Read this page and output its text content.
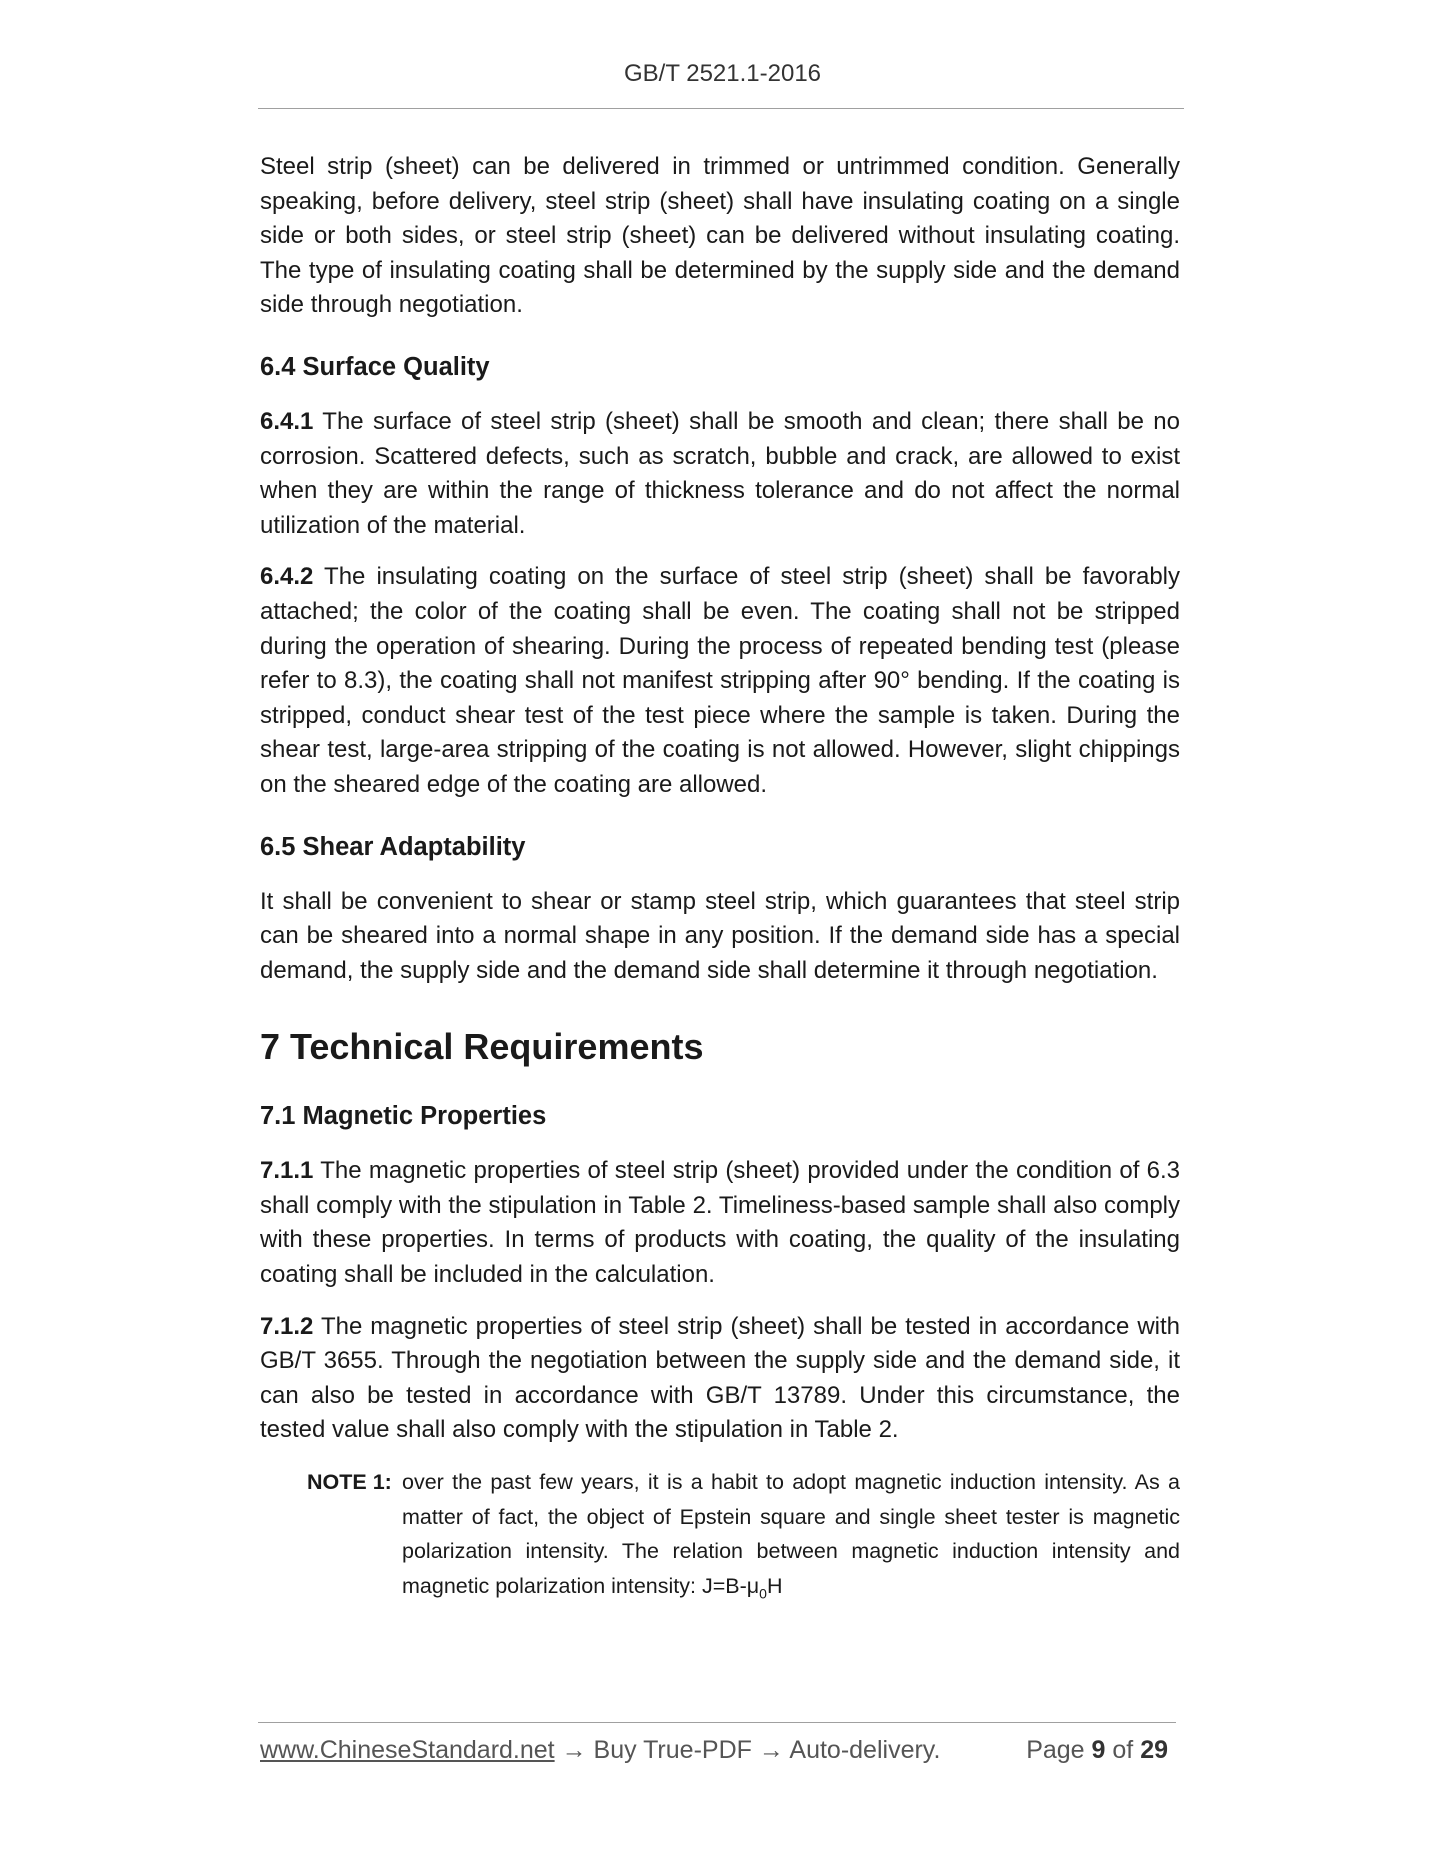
GB/T 2521.1-2016

Steel strip (sheet) can be delivered in trimmed or untrimmed condition. Generally speaking, before delivery, steel strip (sheet) shall have insulating coating on a single side or both sides, or steel strip (sheet) can be delivered without insulating coating. The type of insulating coating shall be determined by the supply side and the demand side through negotiation.

6.4 Surface Quality

6.4.1 The surface of steel strip (sheet) shall be smooth and clean; there shall be no corrosion. Scattered defects, such as scratch, bubble and crack, are allowed to exist when they are within the range of thickness tolerance and do not affect the normal utilization of the material.

6.4.2 The insulating coating on the surface of steel strip (sheet) shall be favorably attached; the color of the coating shall be even. The coating shall not be stripped during the operation of shearing. During the process of repeated bending test (please refer to 8.3), the coating shall not manifest stripping after 90° bending. If the coating is stripped, conduct shear test of the test piece where the sample is taken. During the shear test, large-area stripping of the coating is not allowed. However, slight chippings on the sheared edge of the coating are allowed.

6.5 Shear Adaptability

It shall be convenient to shear or stamp steel strip, which guarantees that steel strip can be sheared into a normal shape in any position. If the demand side has a special demand, the supply side and the demand side shall determine it through negotiation.

7 Technical Requirements
7.1 Magnetic Properties

7.1.1 The magnetic properties of steel strip (sheet) provided under the condition of 6.3 shall comply with the stipulation in Table 2. Timeliness-based sample shall also comply with these properties. In terms of products with coating, the quality of the insulating coating shall be included in the calculation.

7.1.2 The magnetic properties of steel strip (sheet) shall be tested in accordance with GB/T 3655. Through the negotiation between the supply side and the demand side, it can also be tested in accordance with GB/T 13789. Under this circumstance, the tested value shall also comply with the stipulation in Table 2.

NOTE 1: over the past few years, it is a habit to adopt magnetic induction intensity. As a matter of fact, the object of Epstein square and single sheet tester is magnetic polarization intensity. The relation between magnetic induction intensity and magnetic polarization intensity: $J=B-\mu_0H$
www.ChineseStandard.net → Buy True-PDF → Auto-delivery.	Page 9 of 29
